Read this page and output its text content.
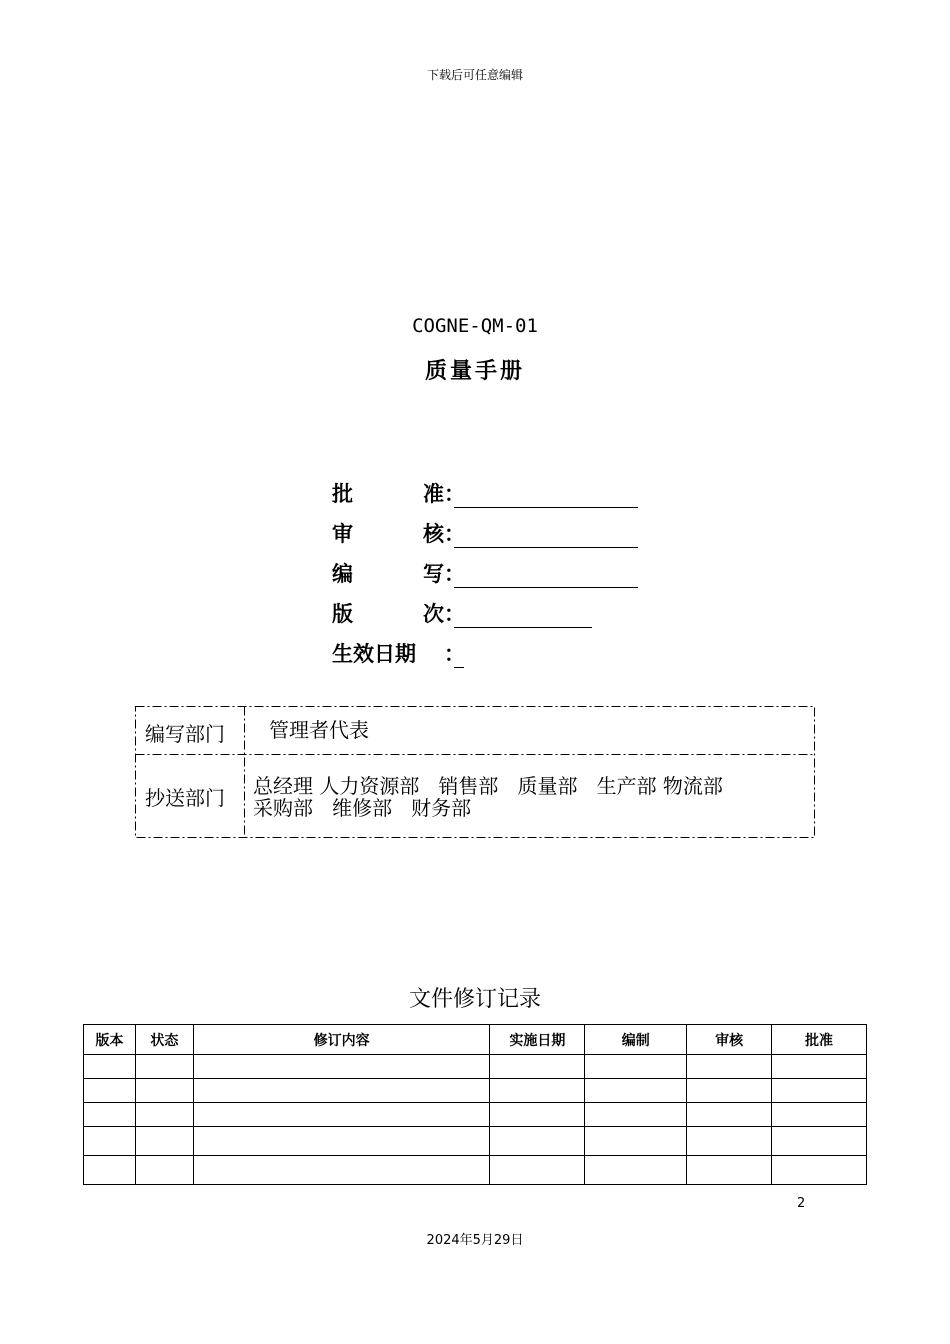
下载后可任意编辑
COGNE-QM-01
质量手册
批	准 ：
审	核 ：
编	写 ：
版	次 ：
生效日期 ：
编写部门 管理者代表
抄送部门 总经理 人力资源部   销售部   质量部   生产部 物流部
采购部   维修部   财务部
文件修订记录
版本	状态	修订内容	实施日期	编制	审核	批准

2
2024年5月29日
